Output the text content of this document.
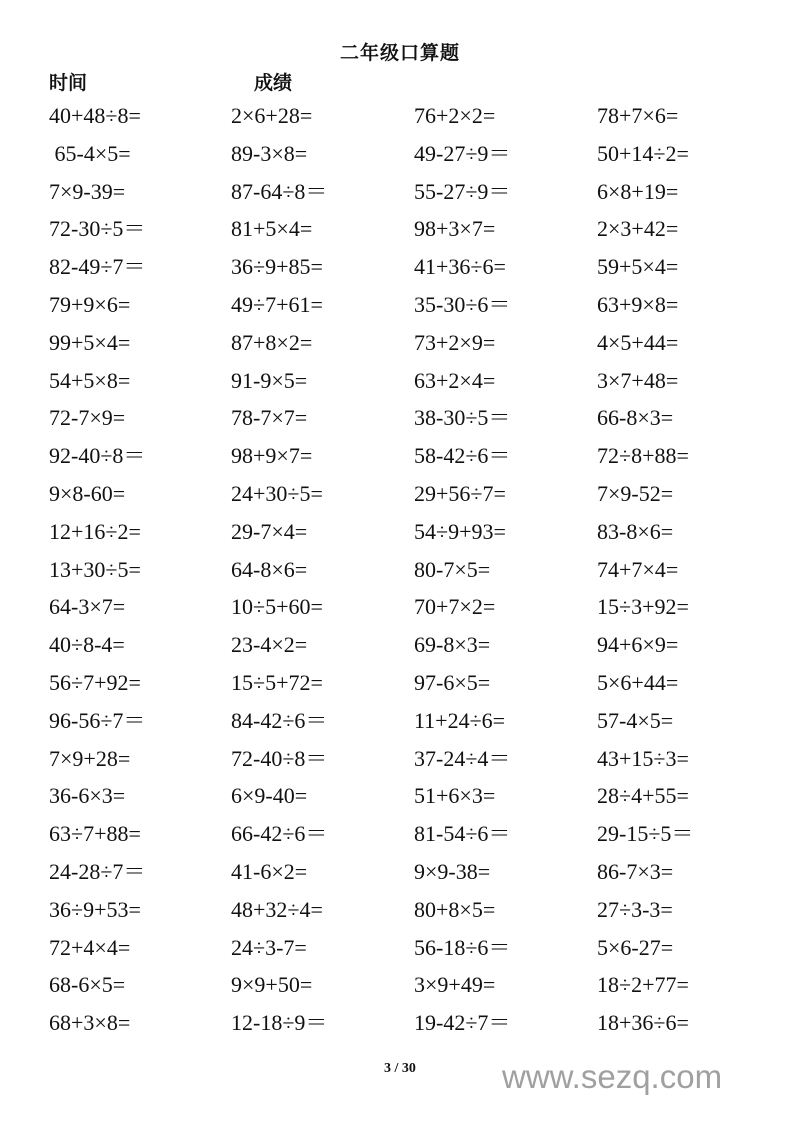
二年级口算题
时间	成绩
40+48÷8=	2×6+28=	76+2×2=	78+7×6=
65-4×5=	89-3×8=	49-27÷9＝	50+14÷2=
7×9-39=	87-64÷8＝	55-27÷9＝	6×8+19=
72-30÷5＝	81+5×4=	98+3×7=	2×3+42=
82-49÷7＝	36÷9+85=	41+36÷6=	59+5×4=
79+9×6=	49÷7+61=	35-30÷6＝	63+9×8=
99+5×4=	87+8×2=	73+2×9=	4×5+44=
54+5×8=	91-9×5=	63+2×4=	3×7+48=
72-7×9=	78-7×7=	38-30÷5＝	66-8×3=
92-40÷8＝	98+9×7=	58-42÷6＝	72÷8+88=
9×8-60=	24+30÷5=	29+56÷7=	7×9-52=
12+16÷2=	29-7×4=	54÷9+93=	83-8×6=
13+30÷5=	64-8×6=	80-7×5=	74+7×4=
64-3×7=	10÷5+60=	70+7×2=	15÷3+92=
40÷8-4=	23-4×2=	69-8×3=	94+6×9=
56÷7+92=	15÷5+72=	97-6×5=	5×6+44=
96-56÷7＝	84-42÷6＝	11+24÷6=	57-4×5=
7×9+28=	72-40÷8＝	37-24÷4＝	43+15÷3=
36-6×3=	6×9-40=	51+6×3=	28÷4+55=
63÷7+88=	66-42÷6＝	81-54÷6＝	29-15÷5＝
24-28÷7＝	41-6×2=	9×9-38=	86-7×3=
36÷9+53=	48+32÷4=	80+8×5=	27÷3-3=
72+4×4=	24÷3-7=	56-18÷6＝	5×6-27=
68-6×5=	9×9+50=	3×9+49=	18÷2+77=
68+3×8=	12-18÷9＝	19-42÷7＝	18+36÷6=
3 / 30	www.sezq.com
